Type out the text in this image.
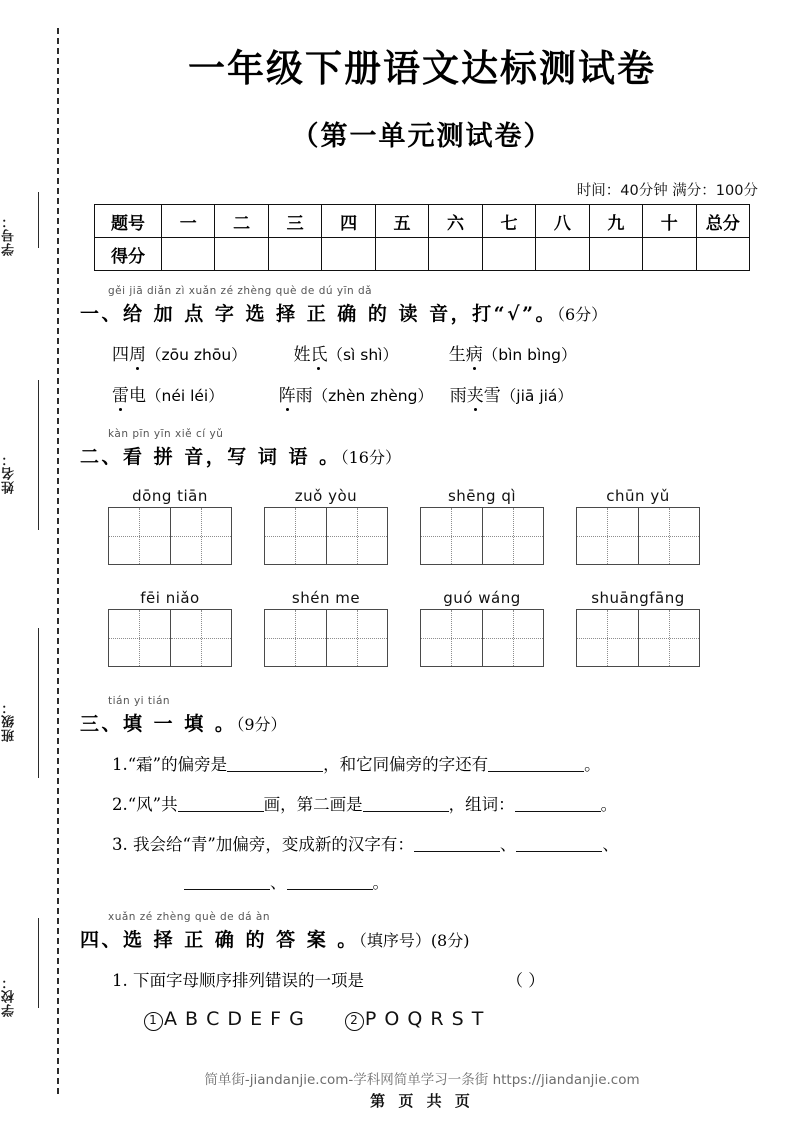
学号：
姓名：
班级：
学校：
一年级下册语文达标测试卷
（第一单元测试卷）
时间：40分钟 满分：100分
题号	一	二	三	四	五	六	七	八	九	十	总分
得分											
gěi jiā diǎn zì xuǎn zé zhèng què de dú yīn dǎ
一、给 加 点 字 选 择 正 确 的 读 音，打“√”。（6分）
四周（zōu zhōu）	姓氏（sì shì）	生病（bìn bìng）
雷电（néi léi）	阵雨（zhèn zhèng） 雨夹雪（jiā jiá）
kàn pīn yīn xiě cí yǔ
二、看 拼 音，写 词 语 。（16分）
dōng tiān	zuǒ yòu	shēng qì	chūn yǔ
fēi niǎo	shén me	guó wáng	shuāngfāng
tián yi tián
三、填 一 填 。（9分）
1.“霜”的偏旁是	，和它同偏旁的字还有	。
2.“风”共	画，第二画是	，组词：	。
3. 我会给“青”加偏旁，变成新的汉字有：	、	、
、	。
xuǎn zé zhèng què de dá àn
四、选 择 正 确 的 答 案 。（填序号）(8分)
1. 下面字母顺序排列错误的一项是	（ ）
1 A B C D E F G	2 P O Q R S T
简单街-jiandanjie.com-学科网简单学习一条街 https://jiandanjie.com
第 页 共 页
